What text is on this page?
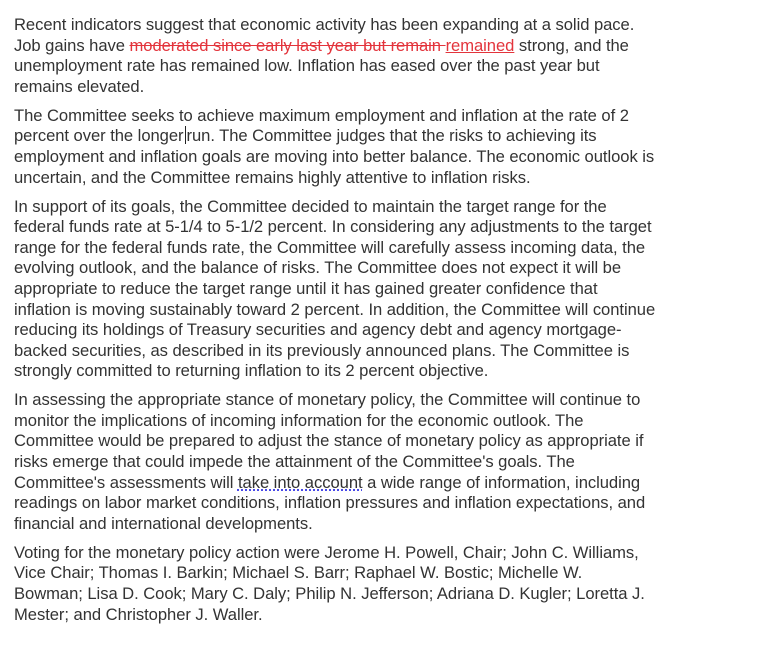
Recent indicators suggest that economic activity has been expanding at a solid pace.
Job gains have moderated since early last year but remain remained strong, and the
unemployment rate has remained low. Inflation has eased over the past year but
remains elevated.

The Committee seeks to achieve maximum employment and inflation at the rate of 2
percent over the longer run. The Committee judges that the risks to achieving its
employment and inflation goals are moving into better balance. The economic outlook is
uncertain, and the Committee remains highly attentive to inflation risks.

In support of its goals, the Committee decided to maintain the target range for the
federal funds rate at 5-1/4 to 5-1/2 percent. In considering any adjustments to the target
range for the federal funds rate, the Committee will carefully assess incoming data, the
evolving outlook, and the balance of risks. The Committee does not expect it will be
appropriate to reduce the target range until it has gained greater confidence that
inflation is moving sustainably toward 2 percent. In addition, the Committee will continue
reducing its holdings of Treasury securities and agency debt and agency mortgage-
backed securities, as described in its previously announced plans. The Committee is
strongly committed to returning inflation to its 2 percent objective.

In assessing the appropriate stance of monetary policy, the Committee will continue to
monitor the implications of incoming information for the economic outlook. The
Committee would be prepared to adjust the stance of monetary policy as appropriate if
risks emerge that could impede the attainment of the Committee's goals. The
Committee's assessments will take into account a wide range of information, including
readings on labor market conditions, inflation pressures and inflation expectations, and
financial and international developments.

Voting for the monetary policy action were Jerome H. Powell, Chair; John C. Williams,
Vice Chair; Thomas I. Barkin; Michael S. Barr; Raphael W. Bostic; Michelle W.
Bowman; Lisa D. Cook; Mary C. Daly; Philip N. Jefferson; Adriana D. Kugler; Loretta J.
Mester; and Christopher J. Waller.
